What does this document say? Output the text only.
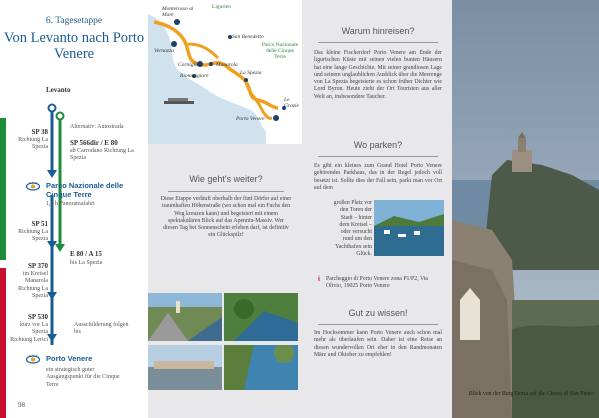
6. Tagesetappe
Von Levanto nach Porto Venere
Levanto
SP 38
Richtung La Spezia
Alternativ: Autostrada
SP 566dir / E 80
ab Carrodano Richtung La Spezia
Parco Nazionale delle Cinque Terre
1,5 h Panoramafahrt
SP 51
Richtung La Spezia
E 80 / A 15
bis La Spezia
SP 370
im Kreisel Manarola Richtung La Spezia
SP 530
kurz vor La Spezia Richtung Lerici
Ausschilderung folgen bis
Porto Venere
ein strategisch guter Ausgangspunkt für die Cinque Terre
98
Monterosso al Mare
Ligurien
Vernazza
San Benedetto
Parco Nazionale delle Cinque Terre
Corniglia	Manarola
Riomaggiore	La Spezia
Le Grazie
Porto Venere
Wie geht's weiter?
Diese Etappe verläuft oberhalb der fünf Dörfer auf einer traumhaften Höhenstraße (wo schon mal ein Fuchs den Weg kreuzen kann) und begeistert mit einem spektakulären Blick auf das Apennin-Massiv. Wer diesen Tag bei Sonnenschein erleben darf, ist definitiv ein Glückspilz!
Warum hinreisen?
Das kleine Fischerdorf Porto Venere am Ende der ligurischen Küste mit seinen vielen bunten Häusern hat eine lange Geschichte. Mit seiner grandiosen Lage und seinem unglaublichen Ausblick über die Meerenge von La Spezia begeisterte es schon früher Dichter wie Lord Byron. Heute zieht der Ort Touristen aus aller Welt an, insbesondere Taucher.
Wo parken?
Es gibt ein kleines zum Grand Hotel Porto Venere gehörendes Parkhaus, das in der Regel jedoch voll besetzt ist. Sollte dies der Fall sein, parkt man vor Ort auf dem
großen Platz vor
den Toren der
Stadt – hinter
dem Kreisel –
oder versucht
rund um den
Yachthafen sein
Glück.
i Parcheggio di Porto Venere zona P1/P2, Via Olivio, 19025 Porto Venere
Gut zu wissen!
Im Hochsommer kann Porto Venere auch schon mal mehr als überlaufen sein. Daher ist eine Reise an diesen wundervollen Ort eher in den Randmonaten März und Oktober zu empfehlen!
Blick von der Burg Doria auf die Chiesa di San Pietro
